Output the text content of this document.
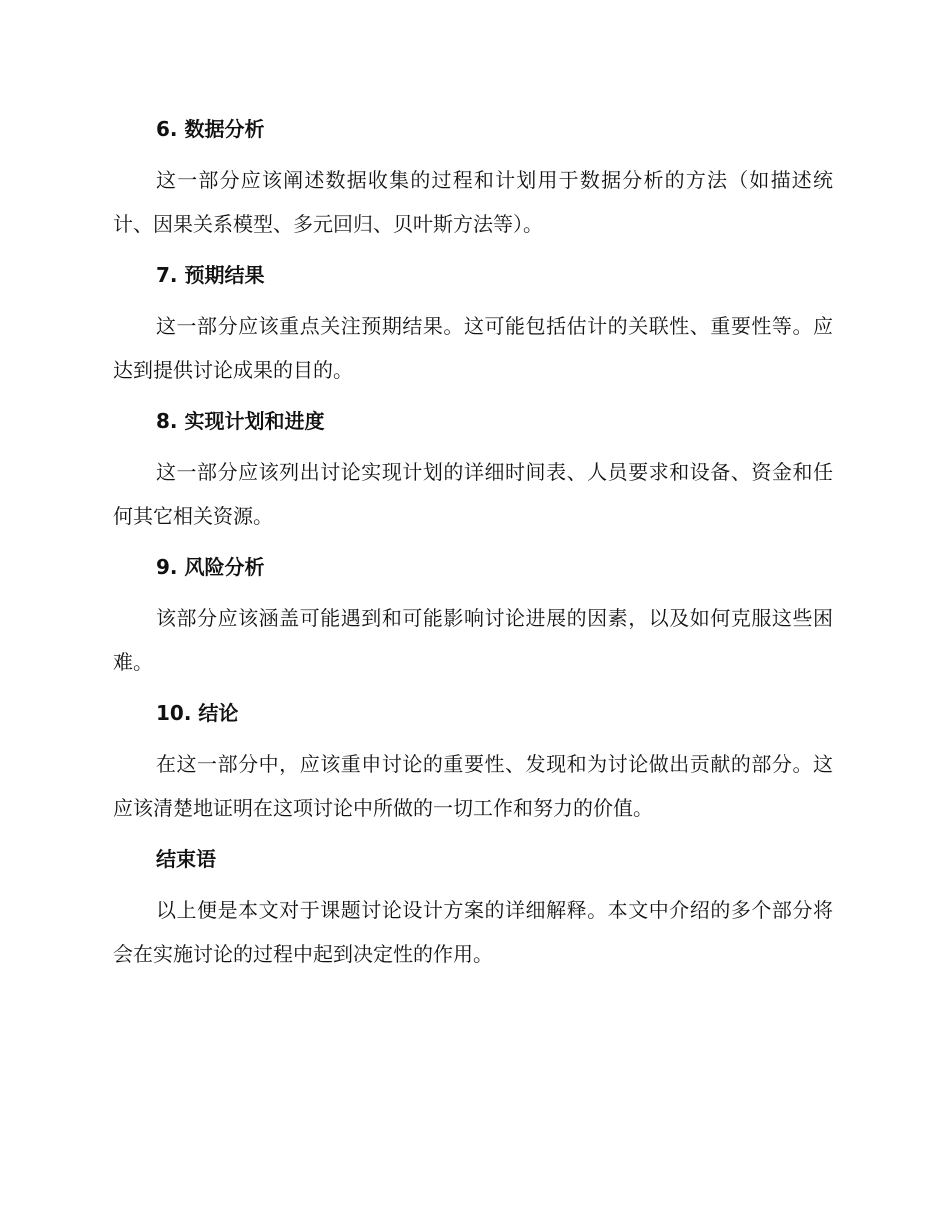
6. 数据分析

这一部分应该阐述数据收集的过程和计划用于数据分析的方法（如描述统计、因果关系模型、多元回归、贝叶斯方法等）。

7. 预期结果

这一部分应该重点关注预期结果。这可能包括估计的关联性、重要性等。应达到提供讨论成果的目的。

8. 实现计划和进度

这一部分应该列出讨论实现计划的详细时间表、人员要求和设备、资金和任何其它相关资源。

9. 风险分析

该部分应该涵盖可能遇到和可能影响讨论进展的因素，以及如何克服这些困难。

10. 结论

在这一部分中，应该重申讨论的重要性、发现和为讨论做出贡献的部分。这应该清楚地证明在这项讨论中所做的一切工作和努力的价值。

结束语

以上便是本文对于课题讨论设计方案的详细解释。本文中介绍的多个部分将会在实施讨论的过程中起到决定性的作用。
